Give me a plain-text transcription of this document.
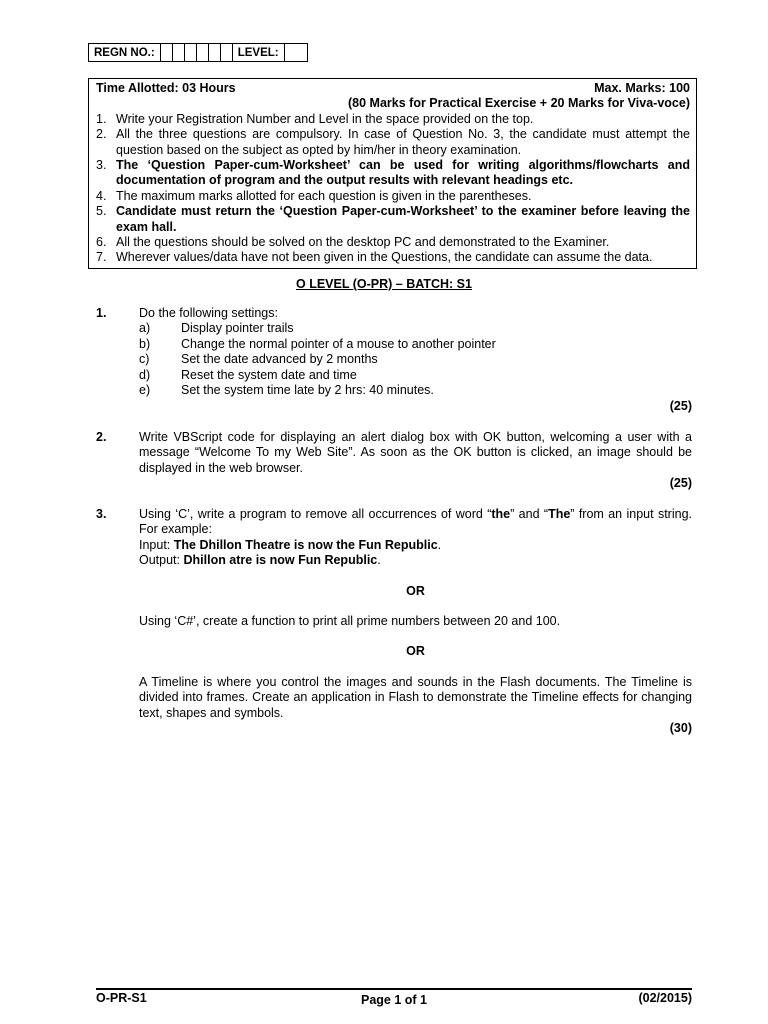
REGN NO.:							LEVEL:	
Time Allotted: 03 Hours	Max. Marks: 100
(80 Marks for Practical Exercise + 20 Marks for Viva-voce)
1. Write your Registration Number and Level in the space provided on the top.
2. All the three questions are compulsory. In case of Question No. 3, the candidate must attempt the question based on the subject as opted by him/her in theory examination.
3. The ‘Question Paper-cum-Worksheet’ can be used for writing algorithms/flowcharts and documentation of program and the output results with relevant headings etc.
4. The maximum marks allotted for each question is given in the parentheses.
5. Candidate must return the ‘Question Paper-cum-Worksheet’ to the examiner before leaving the exam hall.
6. All the questions should be solved on the desktop PC and demonstrated to the Examiner.
7. Wherever values/data have not been given in the Questions, the candidate can assume the data.
O LEVEL (O-PR) – BATCH: S1
1.	Do the following settings:
a)	Display pointer trails
b)	Change the normal pointer of a mouse to another pointer
c)	Set the date advanced by 2 months
d)	Reset the system date and time
e)	Set the system time late by 2 hrs: 40 minutes.
(25)
2.	Write VBScript code for displaying an alert dialog box with OK button, welcoming a user with a message “Welcome To my Web Site”. As soon as the OK button is clicked, an image should be displayed in the web browser.
(25)
3.	Using ‘C’, write a program to remove all occurrences of word “the” and “The” from an input string. For example:
Input: The Dhillon Theatre is now the Fun Republic.
Output: Dhillon atre is now Fun Republic.
OR
Using ‘C#’, create a function to print all prime numbers between 20 and 100.
OR
A Timeline is where you control the images and sounds in the Flash documents. The Timeline is divided into frames. Create an application in Flash to demonstrate the Timeline effects for changing text, shapes and symbols.
(30)
O-PR-S1	Page 1 of 1	(02/2015)
